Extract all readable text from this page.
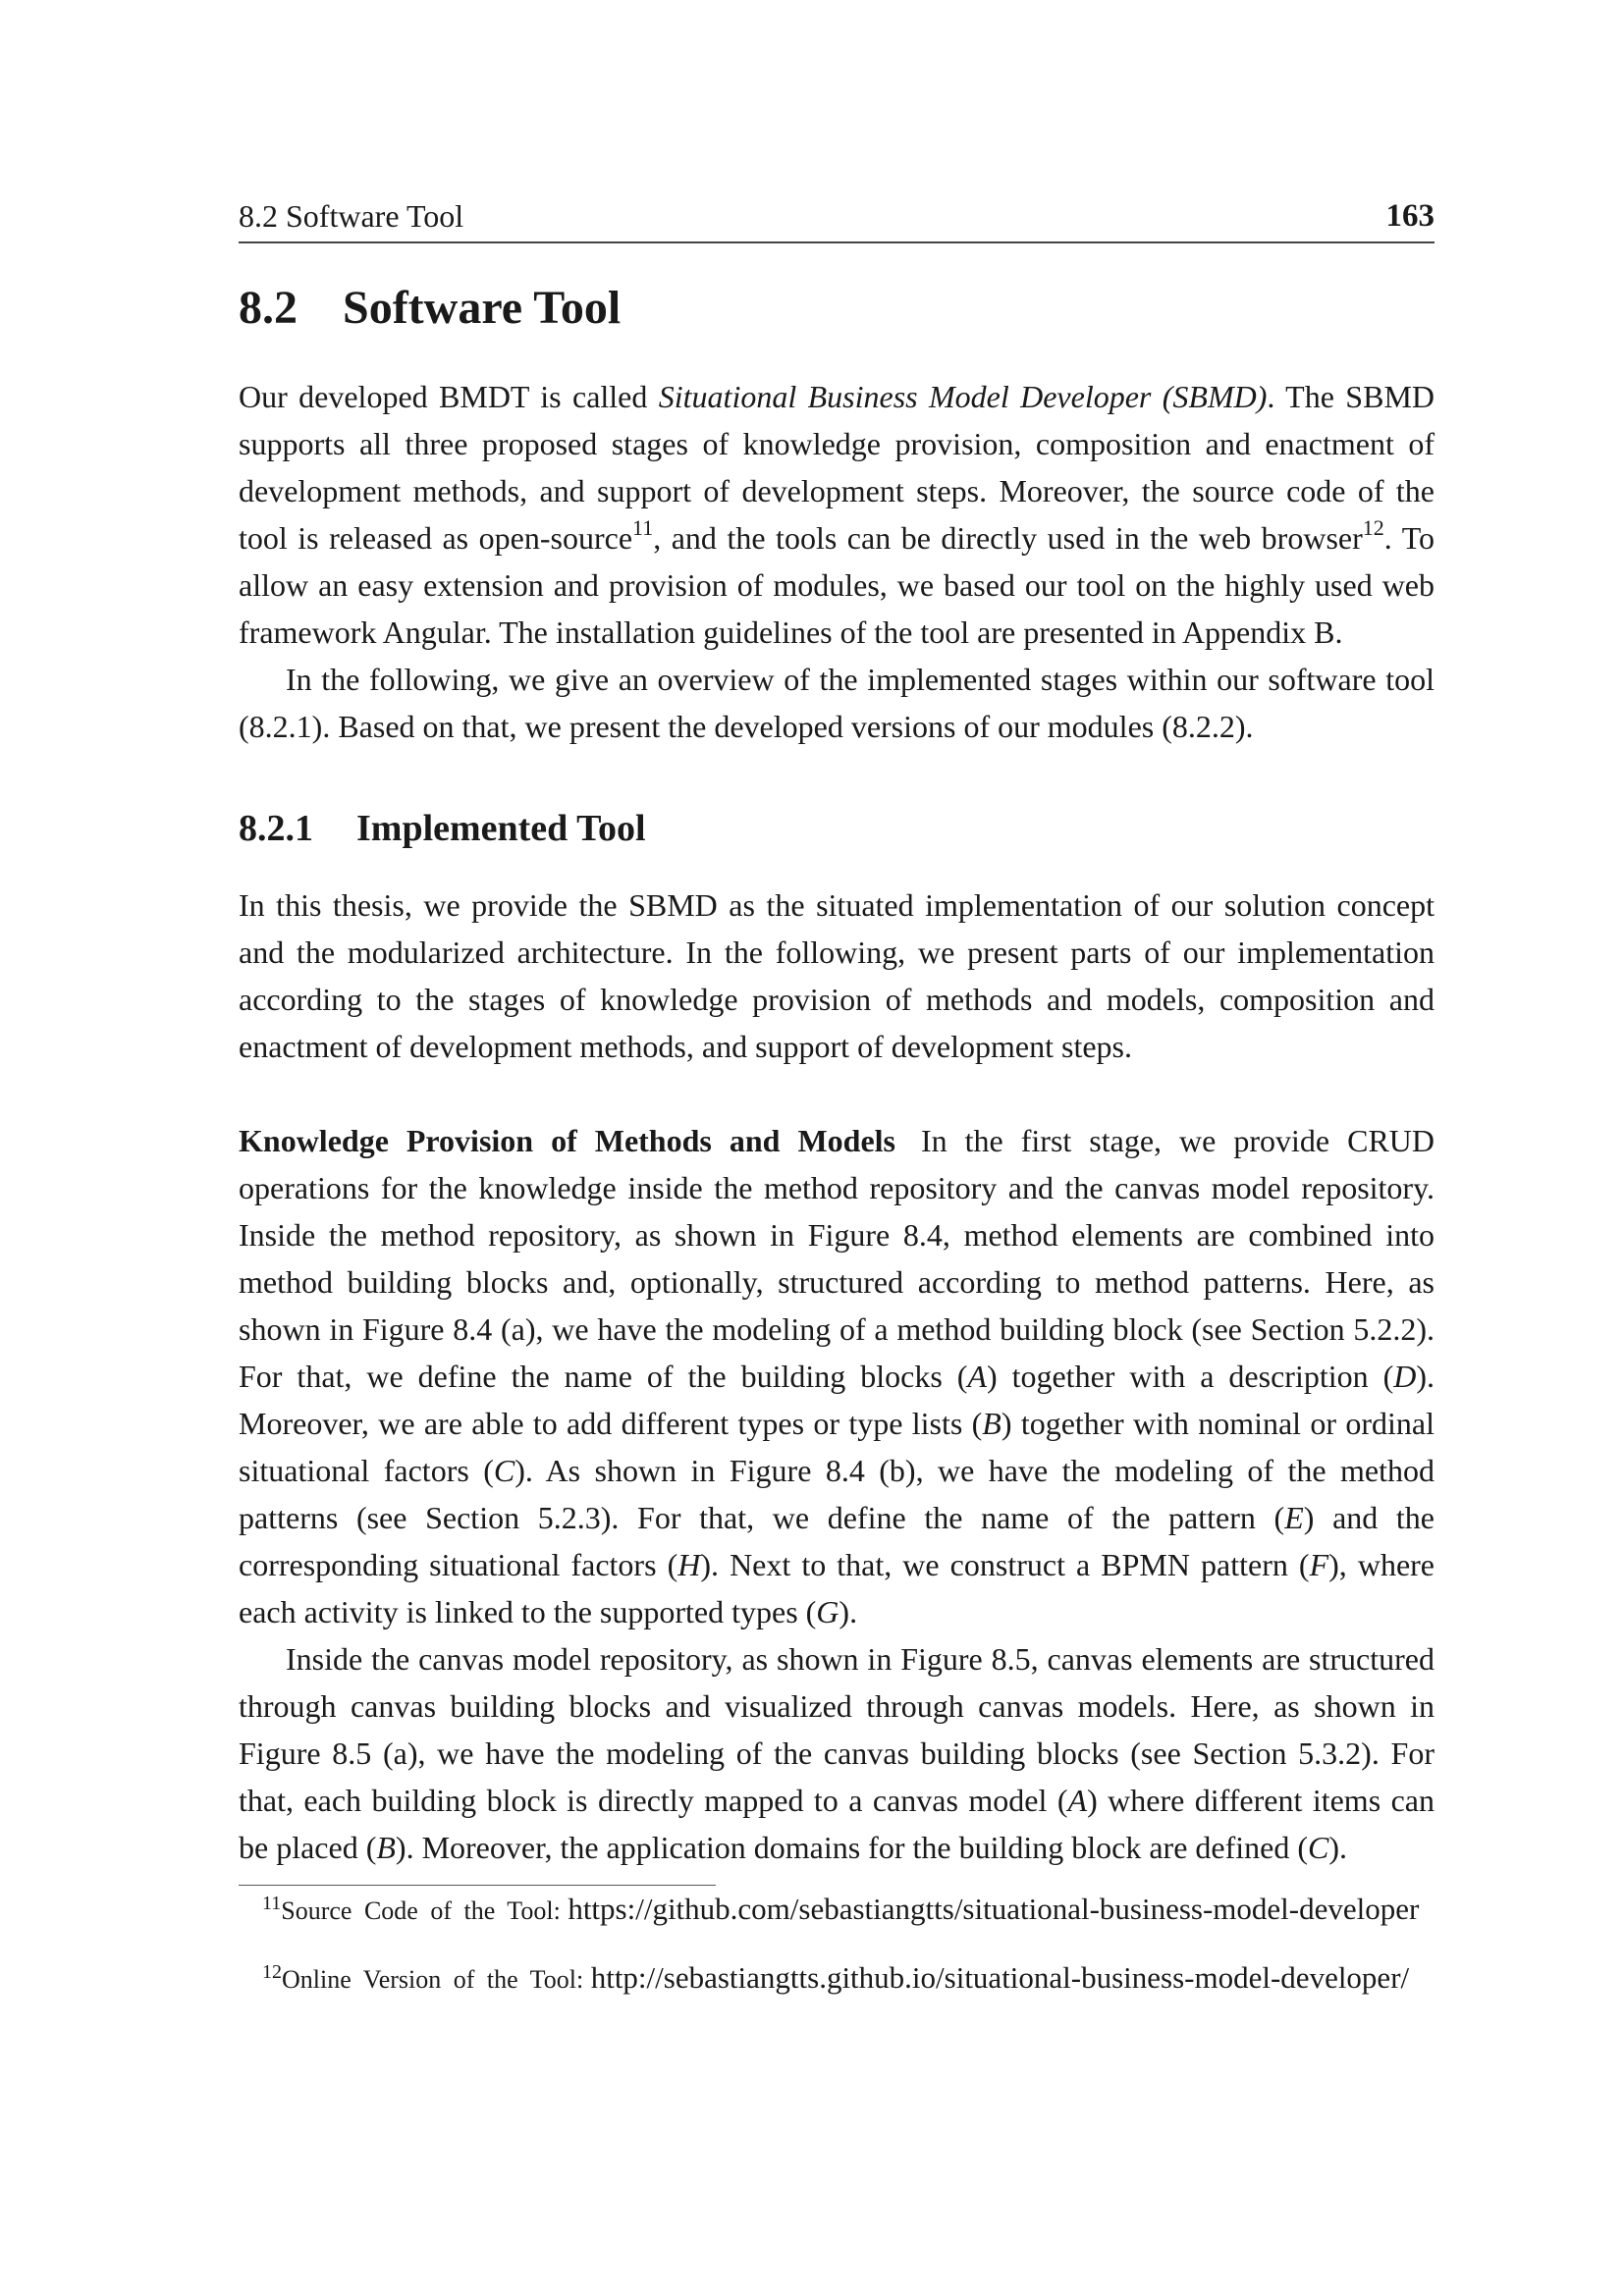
8.2 Software Tool	163
8.2 Software Tool

Our developed BMDT is called Situational Business Model Developer (SBMD). The SBMD supports all three proposed stages of knowledge provision, composition and enactment of development methods, and support of development steps. Moreover, the source code of the tool is released as open-source$^{11}$, and the tools can be directly used in the web browser$^{12}$. To allow an easy extension and provision of modules, we based our tool on the highly used web framework Angular. The installation guidelines of the tool are presented in Appendix B.

In the following, we give an overview of the implemented stages within our software tool (8.2.1). Based on that, we present the developed versions of our modules (8.2.2).

8.2.1 Implemented Tool

In this thesis, we provide the SBMD as the situated implementation of our solution concept and the modularized architecture. In the following, we present parts of our implementation according to the stages of knowledge provision of methods and models, composition and enactment of development methods, and support of development steps.

Knowledge Provision of Methods and Models In the first stage, we provide CRUD operations for the knowledge inside the method repository and the canvas model repository. Inside the method repository, as shown in Figure 8.4, method elements are combined into method building blocks and, optionally, structured according to method patterns. Here, as shown in Figure 8.4 (a), we have the modeling of a method building block (see Section 5.2.2). For that, we define the name of the building blocks (A) together with a description (D). Moreover, we are able to add different types or type lists (B) together with nominal or ordinal situational factors (C). As shown in Figure 8.4 (b), we have the modeling of the method patterns (see Section 5.2.3). For that, we define the name of the pattern (E) and the corresponding situational factors (H). Next to that, we construct a BPMN pattern (F), where each activity is linked to the supported types (G).

Inside the canvas model repository, as shown in Figure 8.5, canvas elements are structured through canvas building blocks and visualized through canvas models. Here, as shown in Figure 8.5 (a), we have the modeling of the canvas building blocks (see Section 5.3.2). For that, each building block is directly mapped to a canvas model (A) where different items can be placed (B). Moreover, the application domains for the building block are defined (C).

$^{11}$Source Code of the Tool: https://github.com/sebastiangtts/situational-business-model-developer

$^{12}$Online Version of the Tool: http://sebastiangtts.github.io/situational-business-model-developer/
